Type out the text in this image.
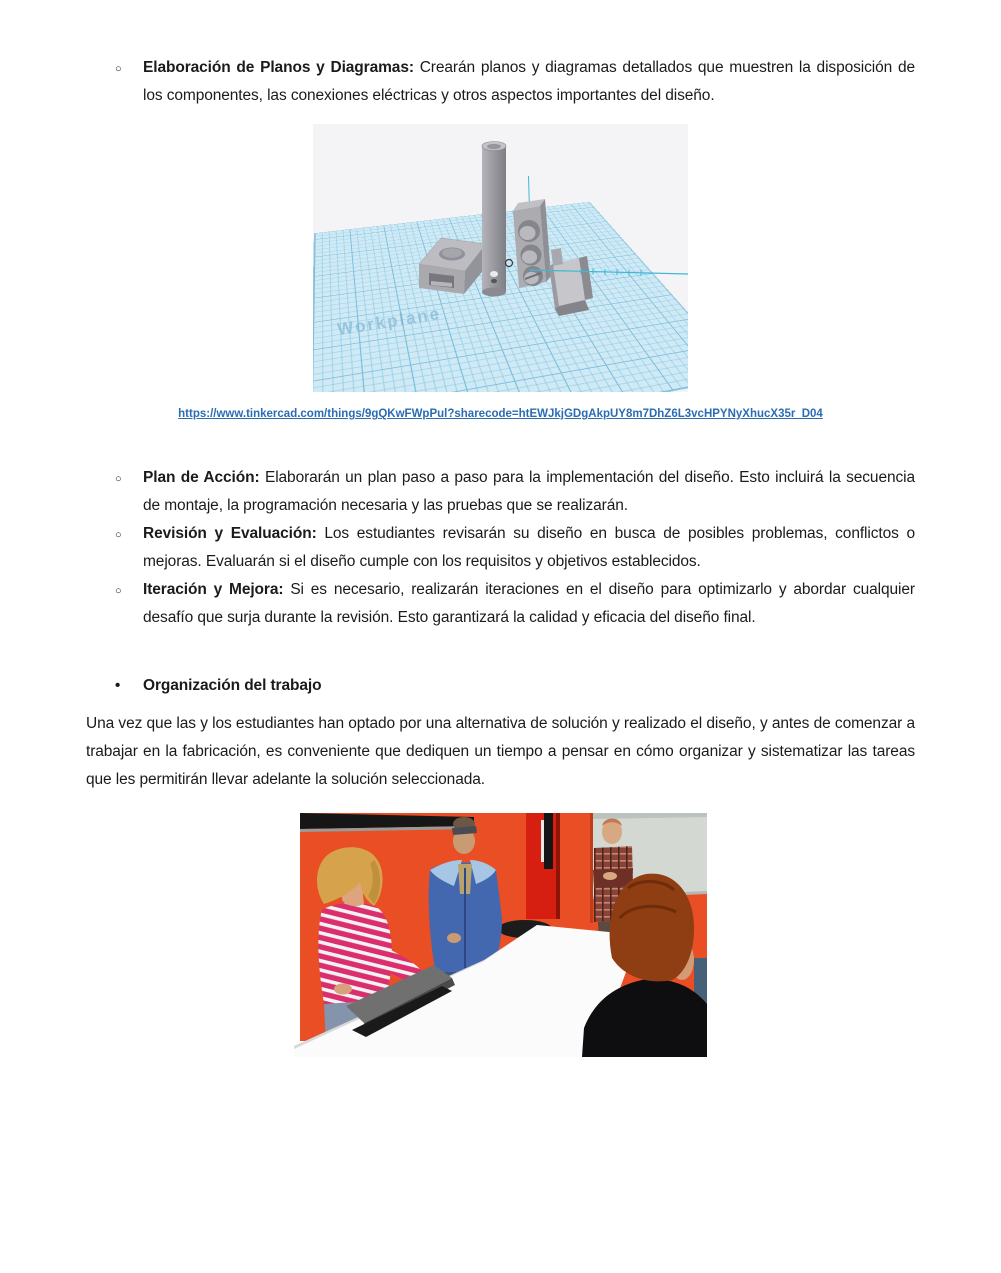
○ Elaboración de Planos y Diagramas: Crearán planos y diagramas detallados que muestren la disposición de los componentes, las conexiones eléctricas y otros aspectos importantes del diseño.
Workplane
https://www.tinkercad.com/things/9gQKwFWpPul?sharecode=htEWJkjGDgAkpUY8m7DhZ6L3vcHPYNyXhucX35r_D04
○ Plan de Acción: Elaborarán un plan paso a paso para la implementación del diseño. Esto incluirá la secuencia de montaje, la programación necesaria y las pruebas que se realizarán.
○ Revisión y Evaluación: Los estudiantes revisarán su diseño en busca de posibles problemas, conflictos o mejoras. Evaluarán si el diseño cumple con los requisitos y objetivos establecidos.
○ Iteración y Mejora: Si es necesario, realizarán iteraciones en el diseño para optimizarlo y abordar cualquier desafío que surja durante la revisión. Esto garantizará la calidad y eficacia del diseño final.
• Organización del trabajo
Una vez que las y los estudiantes han optado por una alternativa de solución y realizado el diseño, y antes de comenzar a trabajar en la fabricación, es conveniente que dediquen un tiempo a pensar en cómo organizar y sistematizar las tareas que les permitirán llevar adelante la solución seleccionada.
